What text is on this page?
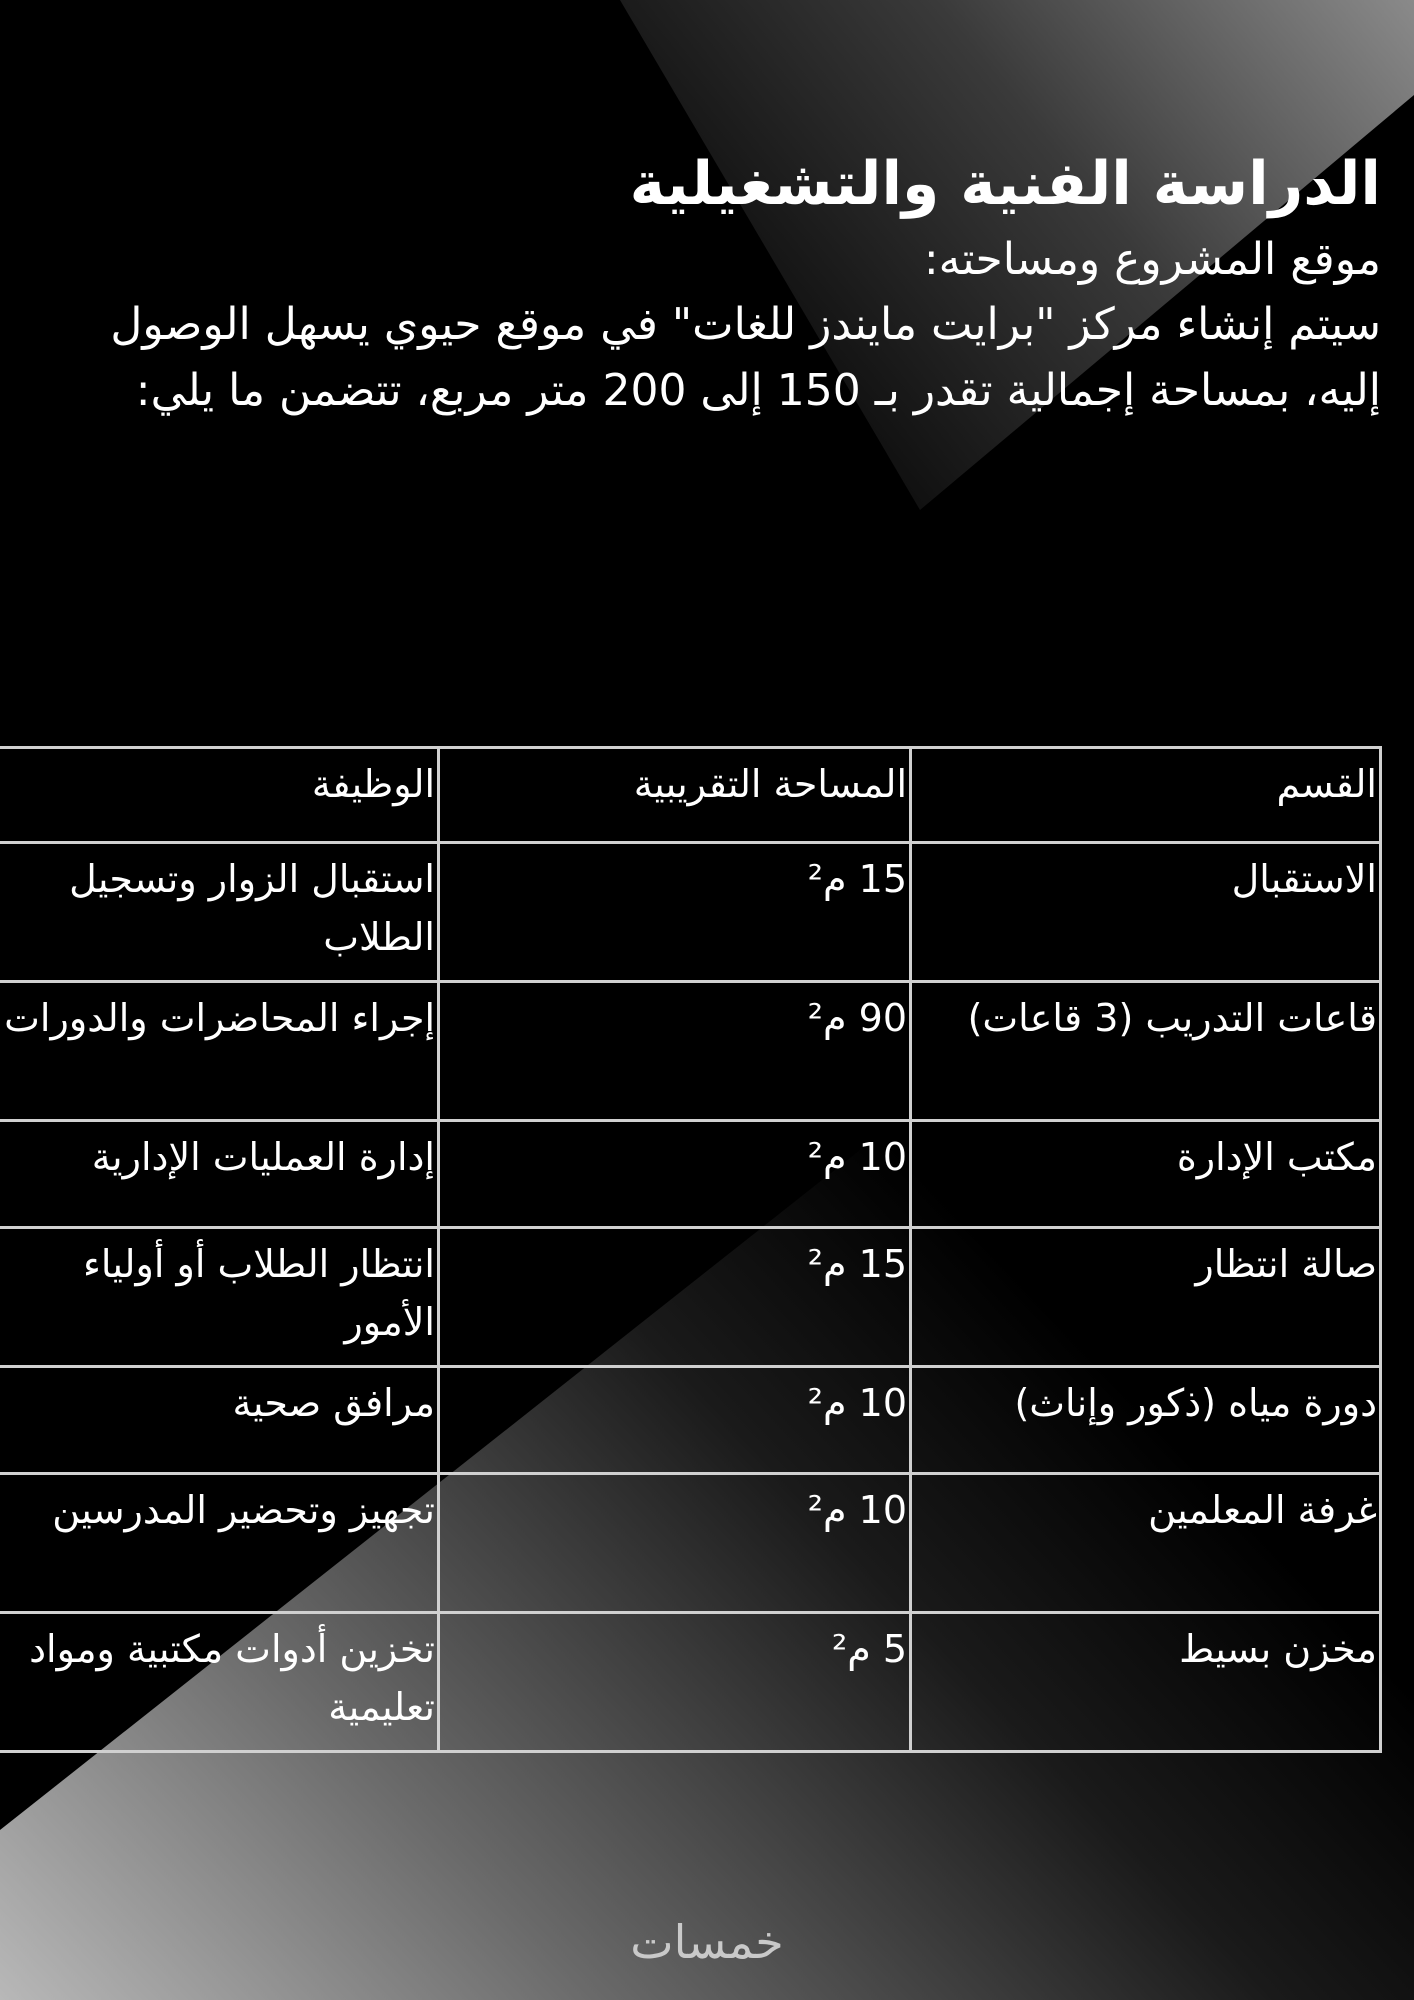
الدراسة الفنية والتشغيلية

موقع المشروع ومساحته:

سيتم إنشاء مركز "برايت مايندز للغات" في موقع حيوي يسهل الوصول إليه، بمساحة إجمالية تقدر بـ 150 إلى 200 متر مربع، تتضمن ما يلي:

القسم	المساحة التقريبية	الوظيفة
الاستقبال	15 م²	استقبال الزوار وتسجيل الطلاب
قاعات التدريب (3 قاعات)	90 م²	إجراء المحاضرات والدورات
مكتب الإدارة	10 م²	إدارة العمليات الإدارية
صالة انتظار	15 م²	انتظار الطلاب أو أولياء الأمور
دورة مياه (ذكور وإناث)	10 م²	مرافق صحية
غرفة المعلمين	10 م²	تجهيز وتحضير المدرسين
مخزن بسيط	5 م²	تخزين أدوات مكتبية ومواد تعليمية
خمسات
